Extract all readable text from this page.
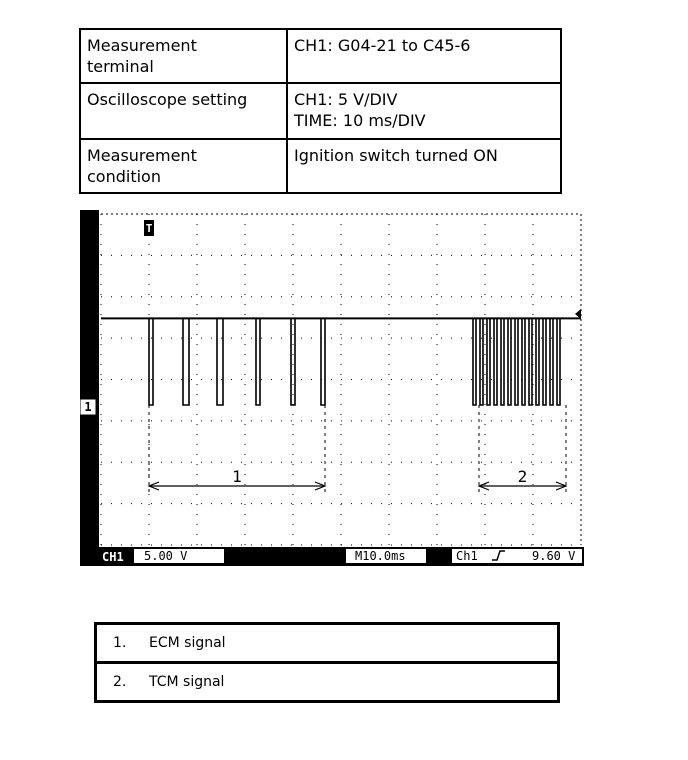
Measurement
terminal	CH1: G04-21 to C45-6

Oscilloscope setting	CH1: 5 V/DIV
TIME: 10 ms/DIV

Measurement
condition	Ignition switch turned ON
T
1
1	2
CH1 5.00 V	M10.0ms	Ch1	9.60 V
1. ECM signal
2. TCM signal
